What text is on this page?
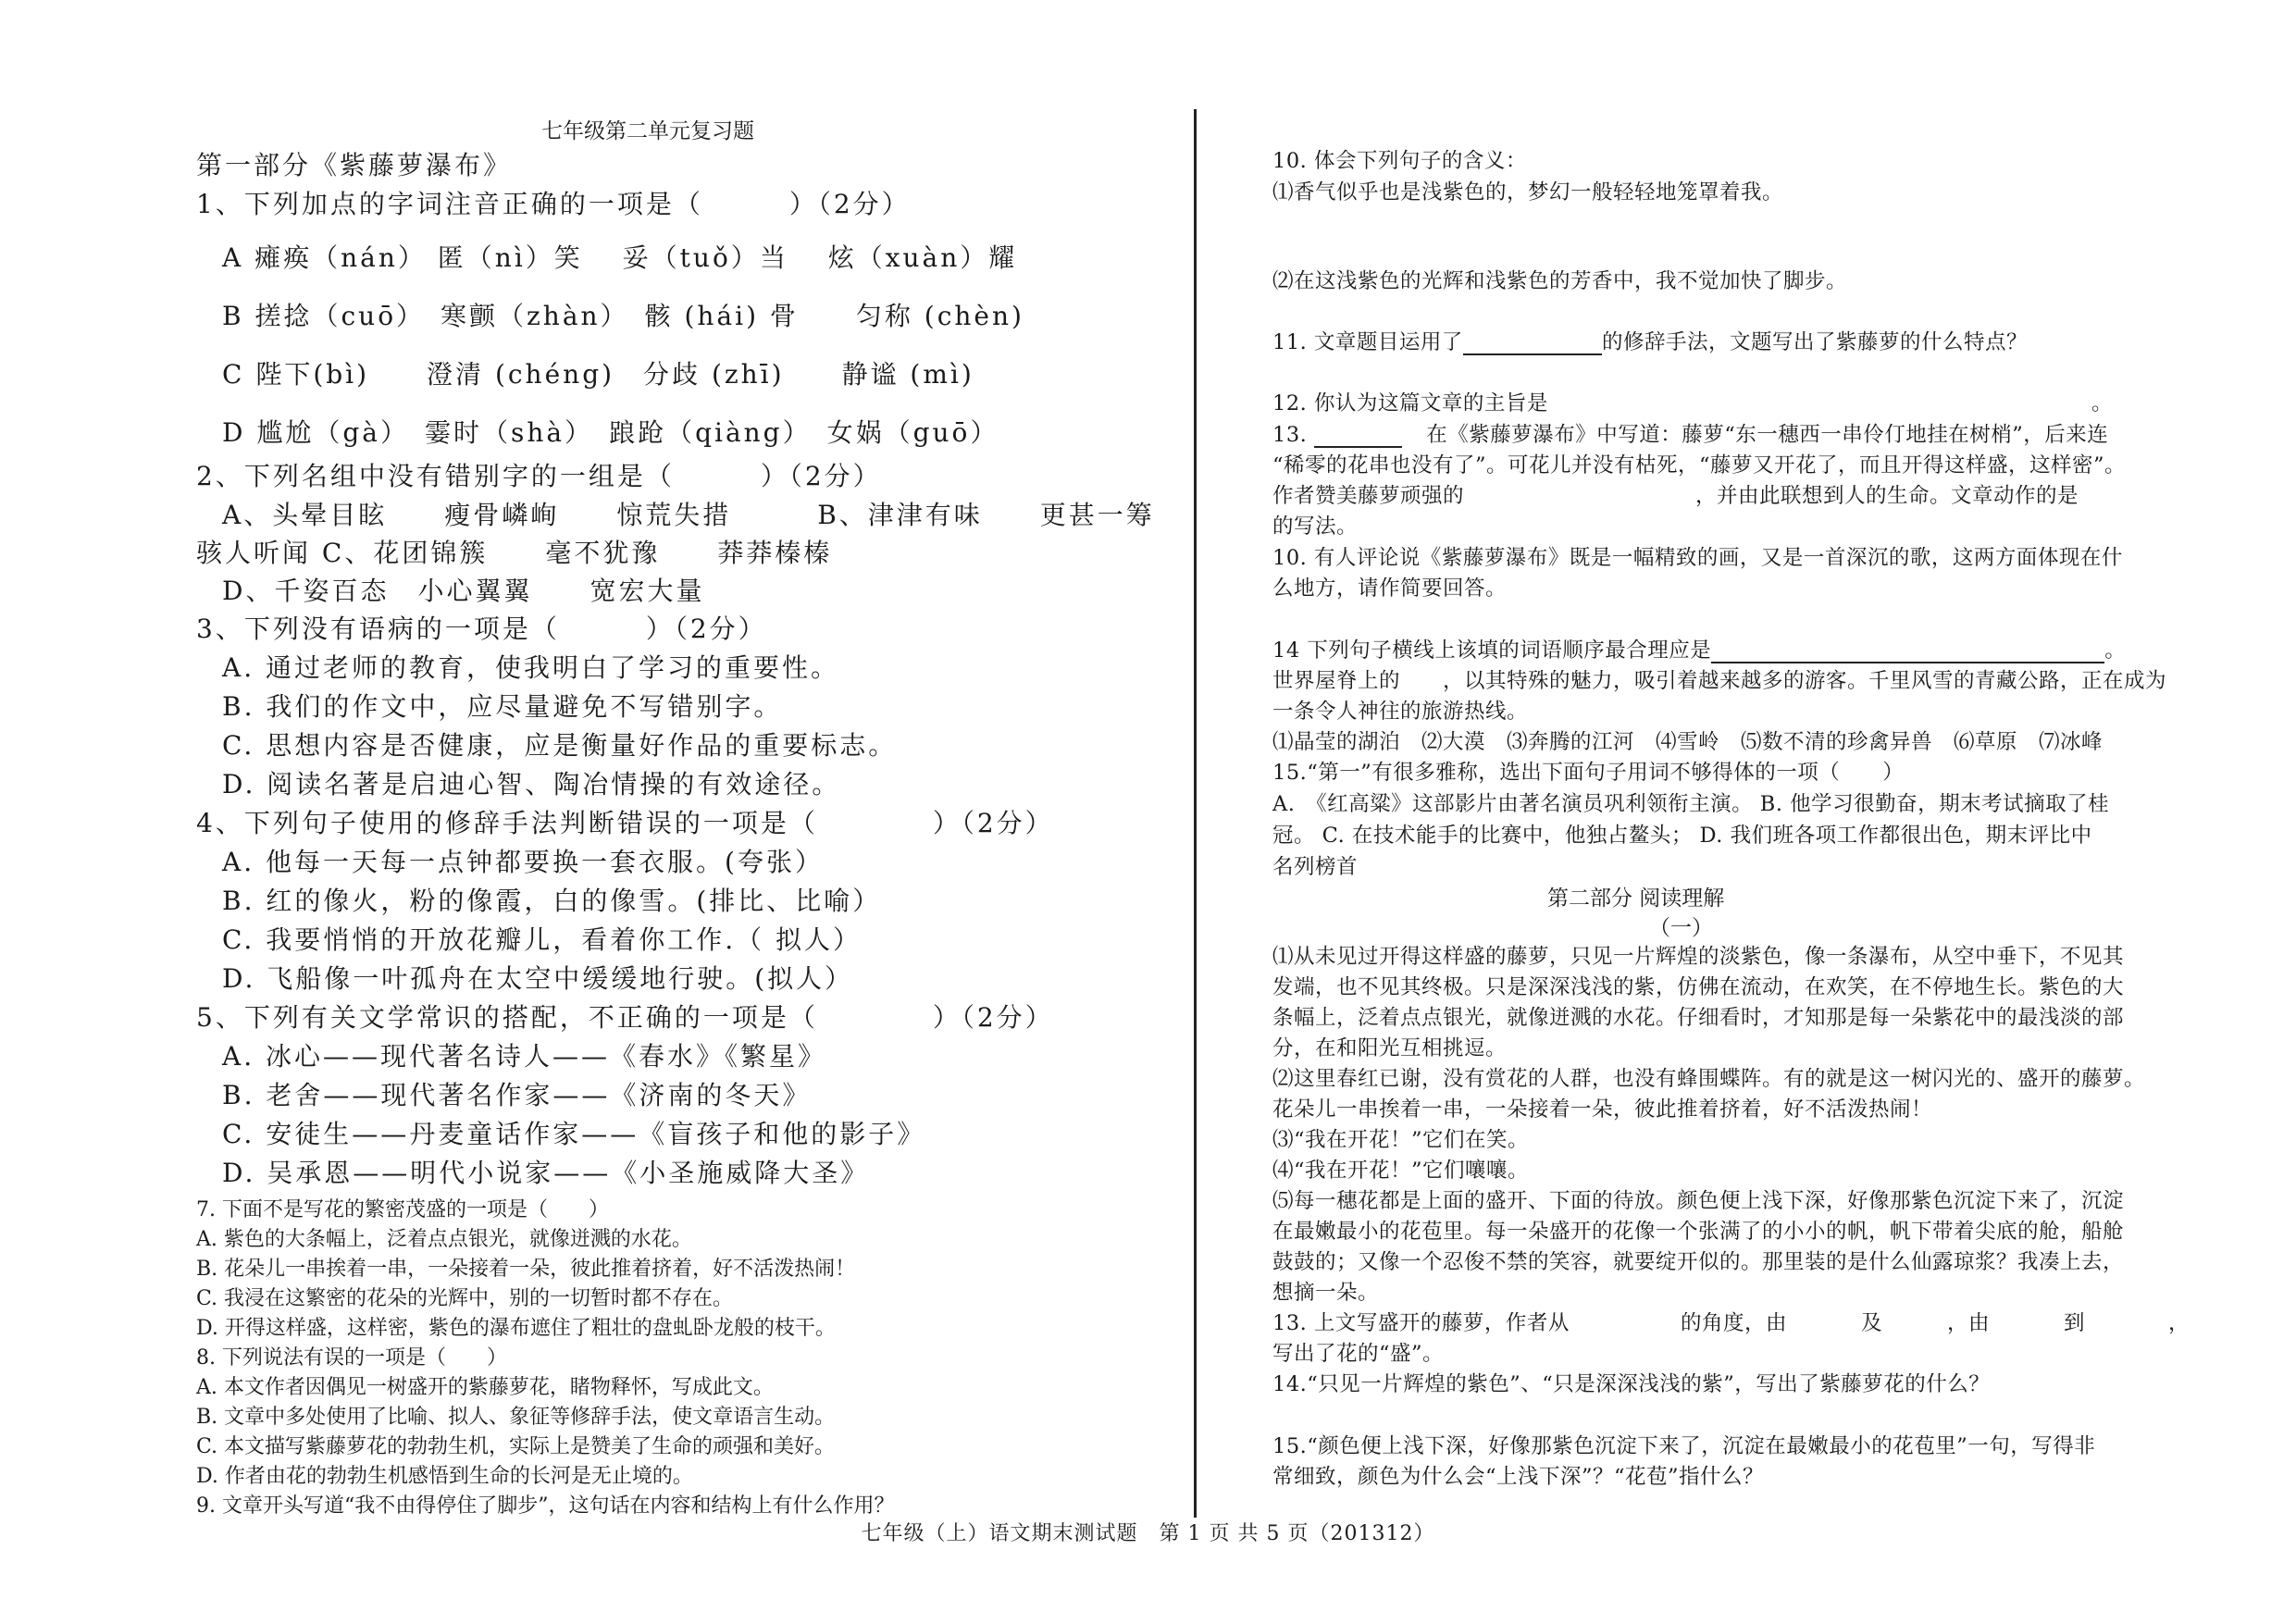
七年级第二单元复习题
第一部分《紫藤萝瀑布》
1、下列加点的字词注音正确的一项是（　　　）（2分）
A 瘫痪（nán） 匿（nì）笑　 妥（tuǒ）当　 炫（xuàn）耀
B 搓捻（cuō）　寒颤（zhàn）　骸 (hái) 骨　　匀称 (chèn)
C 陛下(bì)　　澄清 (chéng)　分歧 (zhī)　　静谧 (mì)
D 尴尬（gà）　霎时（shà）　踉跄（qiàng）　女娲（guō）
2、下列名组中没有错别字的一组是（　　　）（2分）
A、头晕目眩　　瘦骨嶙峋　　惊荒失措　　　B、津津有味　　更甚一筹
骇人听闻 C、花团锦簇　　毫不犹豫　　莽莽榛榛
D、千姿百态　小心翼翼　　宽宏大量
3、下列没有语病的一项是（　　　）（2分）
A. 通过老师的教育，使我明白了学习的重要性。
B. 我们的作文中，应尽量避免不写错别字。
C. 思想内容是否健康，应是衡量好作品的重要标志。
D. 阅读名著是启迪心智、陶冶情操的有效途径。
4、下列句子使用的修辞手法判断错误的一项是（　　　　）（2分）
A. 他每一天每一点钟都要换一套衣服。(夸张）
B. 红的像火，粉的像霞，白的像雪。(排比、比喻）
C. 我要悄悄的开放花瓣儿，看着你工作.（ 拟人）
D. 飞船像一叶孤舟在太空中缓缓地行驶。(拟人）
5、下列有关文学常识的搭配，不正确的一项是（　　　　）（2分）
A. 冰心——现代著名诗人——《春水》《繁星》
B. 老舍——现代著名作家——《济南的冬天》
C. 安徒生——丹麦童话作家——《盲孩子和他的影子》
D. 吴承恩——明代小说家——《小圣施威降大圣》
7. 下面不是写花的繁密茂盛的一项是（　　）
A. 紫色的大条幅上，泛着点点银光，就像迸溅的水花。
B. 花朵儿一串挨着一串，一朵接着一朵，彼此推着挤着，好不活泼热闹！
C. 我浸在这繁密的花朵的光辉中，别的一切暂时都不存在。
D. 开得这样盛，这样密，紫色的瀑布遮住了粗壮的盘虬卧龙般的枝干。
8. 下列说法有误的一项是（　　）
A. 本文作者因偶见一树盛开的紫藤萝花，睹物释怀，写成此文。
B. 文章中多处使用了比喻、拟人、象征等修辞手法，使文章语言生动。
C. 本文描写紫藤萝花的勃勃生机，实际上是赞美了生命的顽强和美好。
D. 作者由花的勃勃生机感悟到生命的长河是无止境的。
9. 文章开头写道“我不由得停住了脚步”，这句话在内容和结构上有什么作用？
10. 体会下列句子的含义：
⑴香气似乎也是浅紫色的，梦幻一般轻轻地笼罩着我。
⑵在这浅紫色的光辉和浅紫色的芳香中，我不觉加快了脚步。
11. 文章题目运用了	的修辞手法，文题写出了紫藤萝的什么特点？
12. 你认为这篇文章的主旨是	。
13.	在《紫藤萝瀑布》中写道：藤萝“东一穗西一串伶仃地挂在树梢”，后来连
“稀零的花串也没有了”。可花儿并没有枯死，“藤萝又开花了，而且开得这样盛，这样密”。
作者赞美藤萝顽强的	，并由此联想到人的生命。文章动作的是
的写法。
10. 有人评论说《紫藤萝瀑布》既是一幅精致的画，又是一首深沉的歌，这两方面体现在什
么地方，请作简要回答。
14 下列句子横线上该填的词语顺序最合理应是	。
世界屋脊上的　　，以其特殊的魅力，吸引着越来越多的游客。千里风雪的青藏公路，正在成为
一条令人神往的旅游热线。
⑴晶莹的湖泊　⑵大漠　⑶奔腾的江河　⑷雪岭　⑸数不清的珍禽异兽　⑹草原　⑺冰峰
15.“第一”有很多雅称，选出下面句子用词不够得体的一项（　　）
A.　《红高粱》这部影片由著名演员巩利领衔主演。 B. 他学习很勤奋，期末考试摘取了桂
冠。 C. 在技术能手的比赛中，他独占鳌头； D. 我们班各项工作都很出色，期末评比中
名列榜首
第二部分 阅读理解
（一）
⑴从未见过开得这样盛的藤萝，只见一片辉煌的淡紫色，像一条瀑布，从空中垂下，不见其
发端，也不见其终极。只是深深浅浅的紫，仿佛在流动，在欢笑，在不停地生长。紫色的大
条幅上，泛着点点银光，就像迸溅的水花。仔细看时，才知那是每一朵紫花中的最浅淡的部
分，在和阳光互相挑逗。
⑵这里春红已谢，没有赏花的人群，也没有蜂围蝶阵。有的就是这一树闪光的、盛开的藤萝。
花朵儿一串挨着一串，一朵接着一朵，彼此推着挤着，好不活泼热闹！
⑶“我在开花！”它们在笑。
⑷“我在开花！”它们嚷嚷。
⑸每一穗花都是上面的盛开、下面的待放。颜色便上浅下深，好像那紫色沉淀下来了，沉淀
在最嫩最小的花苞里。每一朵盛开的花像一个张满了的小小的帆，帆下带着尖底的舱，船舱
鼓鼓的；又像一个忍俊不禁的笑容，就要绽开似的。那里装的是什么仙露琼浆？我凑上去，
想摘一朵。
13. 上文写盛开的藤萝，作者从	的角度，由	及	，由	到	，
写出了花的“盛”。
14.“只见一片辉煌的紫色”、“只是深深浅浅的紫”，写出了紫藤萝花的什么？
15.“颜色便上浅下深，好像那紫色沉淀下来了，沉淀在最嫩最小的花苞里”一句，写得非
常细致，颜色为什么会“上浅下深”？“花苞”指什么？
七年级（上）语文期末测试题　第 1 页 共 5 页（201312）
